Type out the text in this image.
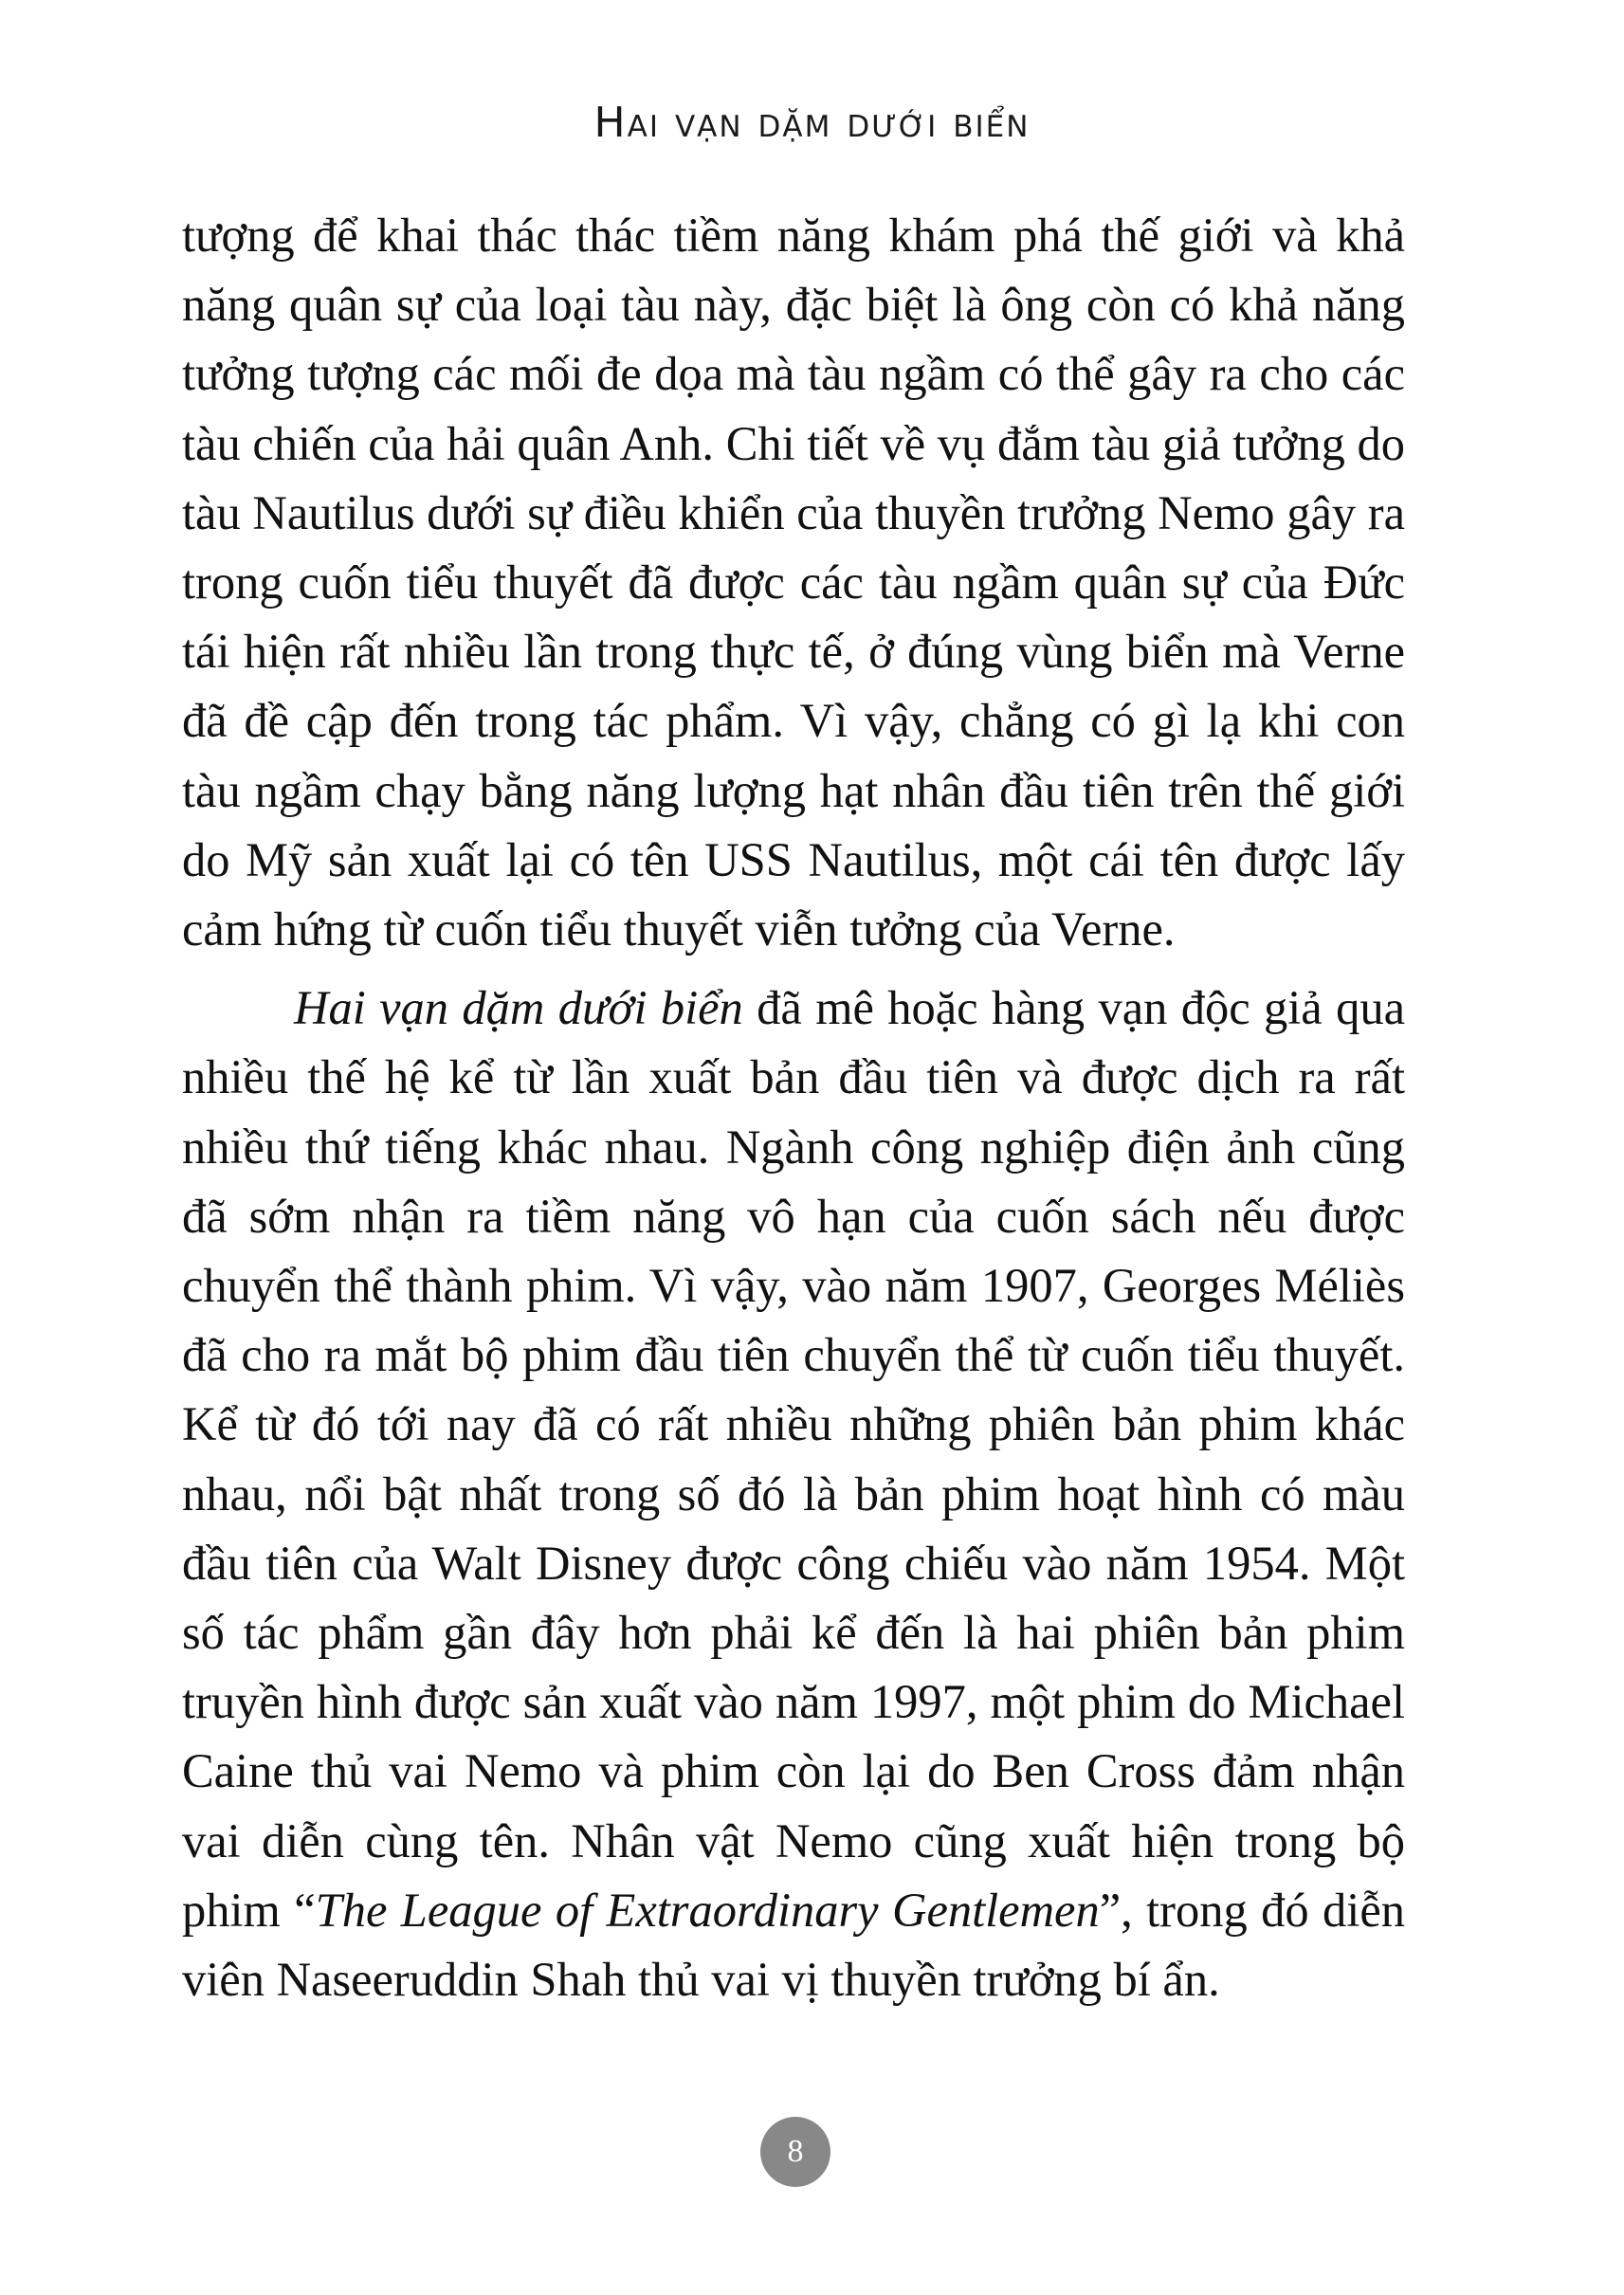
Hai vạn dặm dưới biển

tượng để khai thác thác tiềm năng khám phá thế giới và khả năng quân sự của loại tàu này, đặc biệt là ông còn có khả năng tưởng tượng các mối đe dọa mà tàu ngầm có thể gây ra cho các tàu chiến của hải quân Anh. Chi tiết về vụ đắm tàu giả tưởng do tàu Nautilus dưới sự điều khiển của thuyền trưởng Nemo gây ra trong cuốn tiểu thuyết đã được các tàu ngầm quân sự của Đức tái hiện rất nhiều lần trong thực tế, ở đúng vùng biển mà Verne đã đề cập đến trong tác phẩm. Vì vậy, chẳng có gì lạ khi con tàu ngầm chạy bằng năng lượng hạt nhân đầu tiên trên thế giới do Mỹ sản xuất lại có tên USS Nautilus, một cái tên được lấy cảm hứng từ cuốn tiểu thuyết viễn tưởng của Verne.

Hai vạn dặm dưới biển đã mê hoặc hàng vạn độc giả qua nhiều thế hệ kể từ lần xuất bản đầu tiên và được dịch ra rất nhiều thứ tiếng khác nhau. Ngành công nghiệp điện ảnh cũng đã sớm nhận ra tiềm năng vô hạn của cuốn sách nếu được chuyển thể thành phim. Vì vậy, vào năm 1907, Georges Méliès đã cho ra mắt bộ phim đầu tiên chuyển thể từ cuốn tiểu thuyết. Kể từ đó tới nay đã có rất nhiều những phiên bản phim khác nhau, nổi bật nhất trong số đó là bản phim hoạt hình có màu đầu tiên của Walt Disney được công chiếu vào năm 1954. Một số tác phẩm gần đây hơn phải kể đến là hai phiên bản phim truyền hình được sản xuất vào năm 1997, một phim do Michael Caine thủ vai Nemo và phim còn lại do Ben Cross đảm nhận vai diễn cùng tên. Nhân vật Nemo cũng xuất hiện trong bộ phim “The League of Extraordinary Gentlemen”, trong đó diễn viên Naseeruddin Shah thủ vai vị thuyền trưởng bí ẩn.

8
